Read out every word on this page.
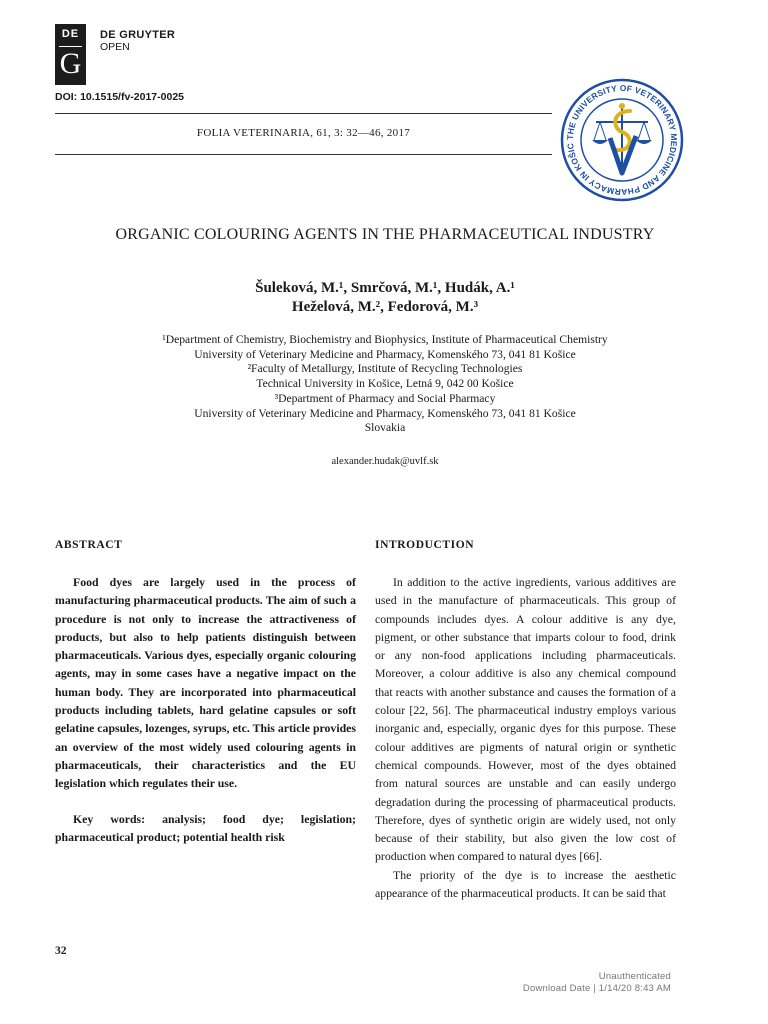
DE
G
DE GRUYTER
OPEN
DOI: 10.1515/fv-2017-0025
FOLIA VETERINARIA, 61, 3: 32—46, 2017	THE UNIVERSITY OF VETERINARY MEDICINE AND PHARMACY IN KOŠIC
ORGANIC COLOURING AGENTS IN THE PHARMACEUTICAL INDUSTRY
Šuleková, M.¹, Smrčová, M.¹, Hudák, A.¹
Heželová, M.², Fedorová, M.³
¹Department of Chemistry, Biochemistry and Biophysics, Institute of Pharmaceutical Chemistry
University of Veterinary Medicine and Pharmacy, Komenského 73, 041 81 Košice
²Faculty of Metallurgy, Institute of Recycling Technologies
Technical University in Košice, Letná 9, 042 00 Košice
³Department of Pharmacy and Social Pharmacy
University of Veterinary Medicine and Pharmacy, Komenského 73, 041 81 Košice
Slovakia
alexander.hudak@uvlf.sk
ABSTRACT	INTRODUCTION

Food dyes are largely used in the process of manufacturing pharmaceutical products. The aim of such a procedure is not only to increase the attractiveness of products, but also to help patients distinguish between pharmaceuticals. Various dyes, especially organic colouring agents, may in some cases have a negative impact on the human body. They are incorporated into pharmaceutical products including tablets, hard gelatine capsules or soft gelatine capsules, lozenges, syrups, etc. This article provides an overview of the most widely used colouring agents in pharmaceuticals, their characteristics and the EU legislation which regulates their use.

Key words: analysis; food dye; legislation; pharmaceutical product; potential health risk

In addition to the active ingredients, various additives are used in the manufacture of pharmaceuticals. This group of compounds includes dyes. A colour additive is any dye, pigment, or other substance that imparts colour to food, drink or any non-food applications including pharmaceuticals. Moreover, a colour additive is also any chemical compound that reacts with another substance and causes the formation of a colour [22, 56]. The pharmaceutical industry employs various inorganic and, especially, organic dyes for this purpose. These colour additives are pigments of natural origin or synthetic chemical compounds. However, most of the dyes obtained from natural sources are unstable and can easily undergo degradation during the processing of pharmaceutical products. Therefore, dyes of synthetic origin are widely used, not only because of their stability, but also given the low cost of production when compared to natural dyes [66].

The priority of the dye is to increase the aesthetic appearance of the pharmaceutical products. It can be said that

32
Unauthenticated
Download Date | 1/14/20 8:43 AM
